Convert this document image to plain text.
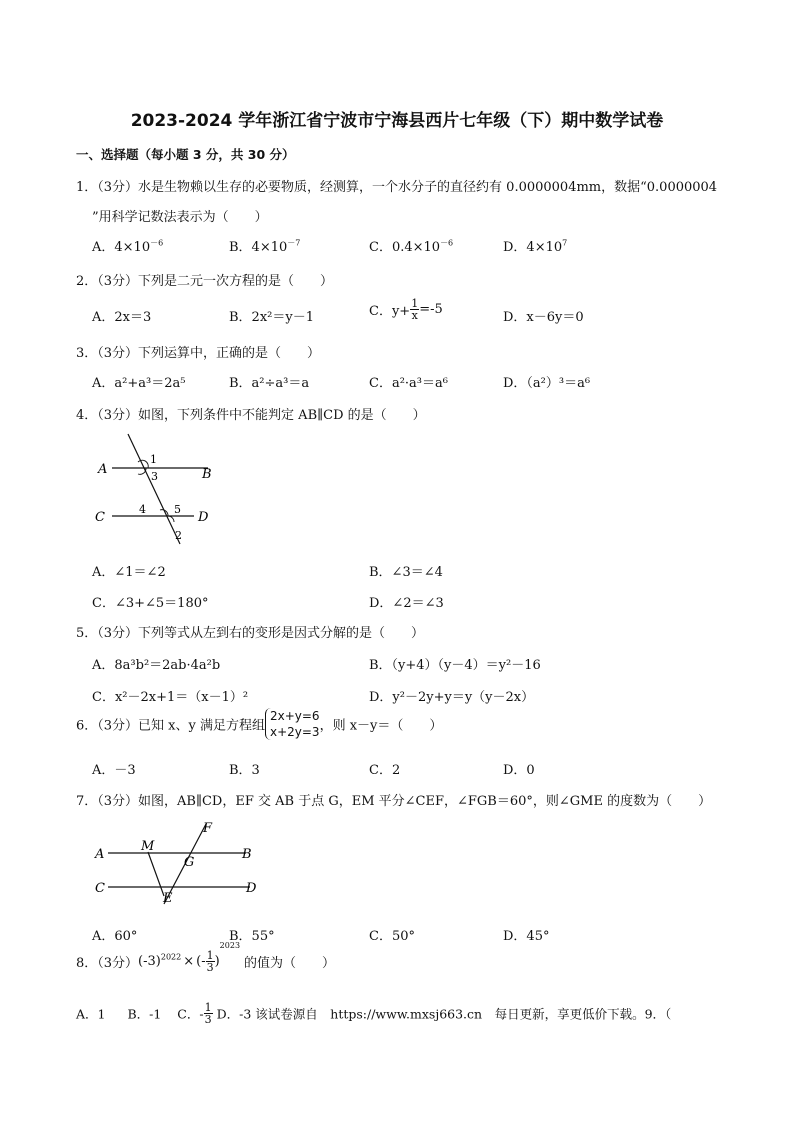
2023-2024 学年浙江省宁波市宁海县西片七年级（下）期中数学试卷
一、选择题（每小题 3 分，共 30 分）
1．（3分）水是生物赖以生存的必要物质，经测算，一个水分子的直径约有 0.0000004mm，数据“0.0000004
”用科学记数法表示为（　　）
A．$4\times 10^{-6}$	B．$4\times 10^{-7}$	C．$0.4\times 10^{-6}$	D．$4\times 10^7$
2．（3分）下列是二元一次方程的是（　　）
A．2x＝3	B．2x²＝y－1	C．$y+ \frac{1}{x} =-5$
D．x－6y＝0
3．（3分）下列运算中，正确的是（　　）
A．a²+a³＝2a⁵	B．a²÷a³＝a	C．a²·a³＝a⁶	D．（a²）³＝a⁶
4．（3分）如图，下列条件中不能判定 AB∥CD 的是（　　）
A	B
C	D
1
3
4	5
2
A．∠1＝∠2	B．∠3＝∠4
C．∠3+∠5＝180°	D．∠2＝∠3
5．（3分）下列等式从左到右的变形是因式分解的是（　　）
A．8a³b²＝2ab·4a²b	B．（y+4）（y－4）＝y²－16
C．x²－2x+1＝（x－1）²	D．y²－2y+y＝y（y－2x）
6．（3分）已知 x、y 满足方程组
2x+y=6
x+2y=3 ，则 x－y＝（　　）
A．－3	B．3	C．2	D．0
7．（3分）如图，AB∥CD，EF 交 AB 于点 G，EM 平分∠CEF，∠FGB＝60°，则∠GME 的度数为（　　）
A	B
C	D
M
G
F
E
A．60°	B．55°	C．50°	D．45°
8．（3分）$(-3)^{2022}$ × (- $\frac{1}{3} )^{2023}$的值为（　　）
A．1 B．-1 C．- $\frac{1}{3}$ D．-3 该试卷源自　https://www.mxsj663.cn　每日更新，享更低价下载。9．（
